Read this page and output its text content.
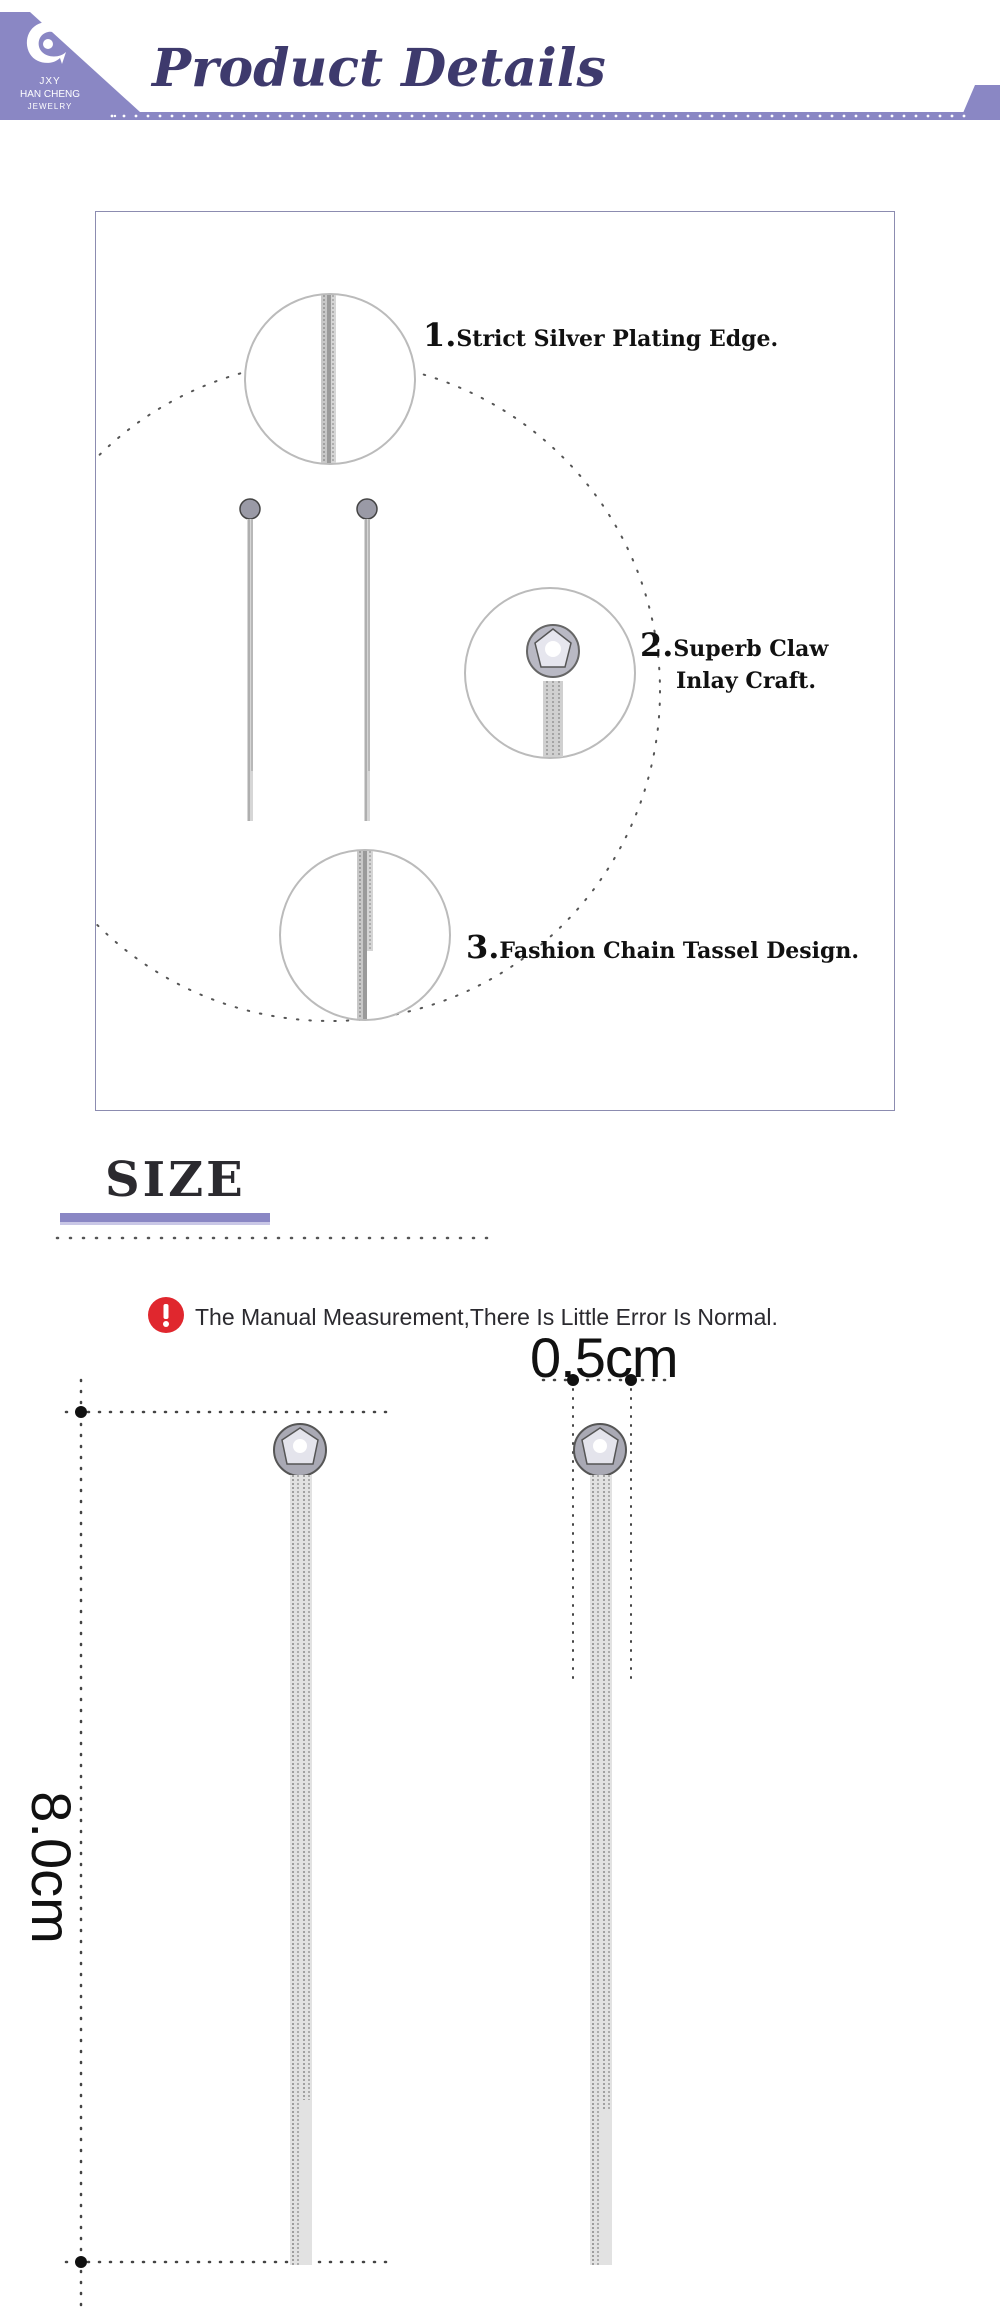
JXY
HAN CHENG
JEWELRY
Product Details
1.Strict Silver Plating Edge.
2.Superb Claw
Inlay Craft.
3.Fashion Chain Tassel Design.
SIZE
The Manual Measurement,There Is Little Error Is Normal.
0.5cm
8.0cm
